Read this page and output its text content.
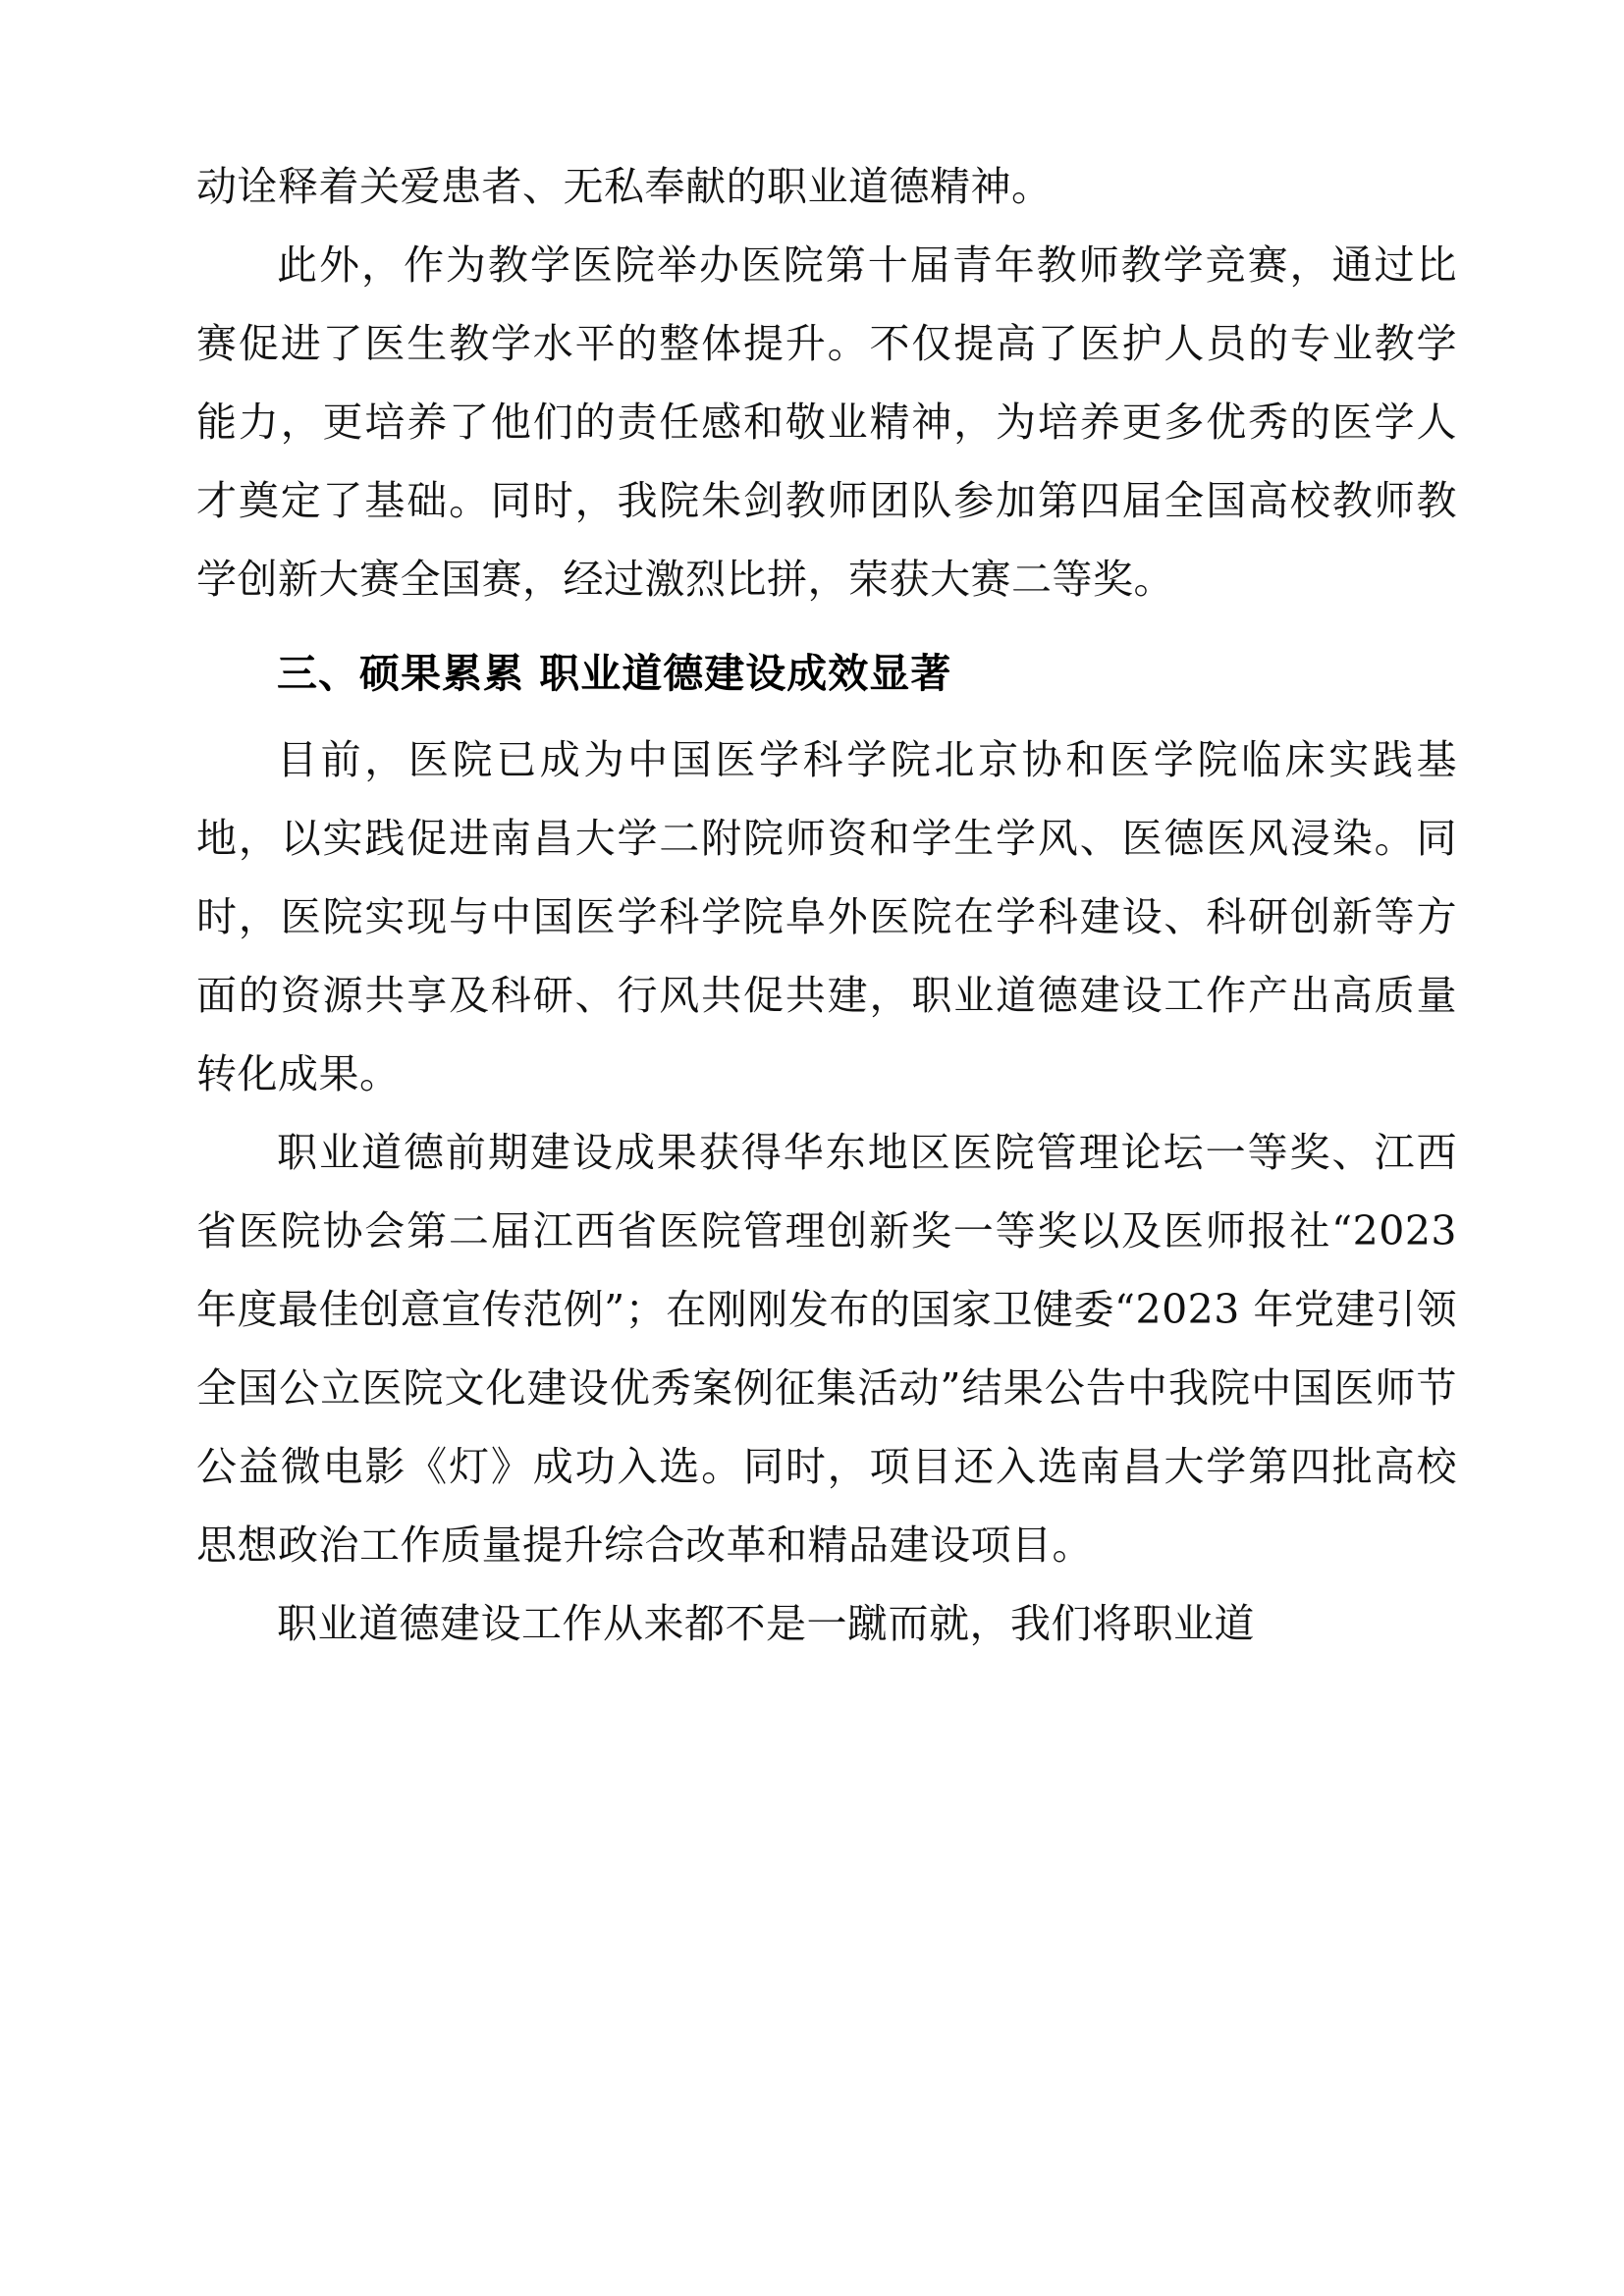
动诠释着关爱患者、无私奉献的职业道德精神。

此外，作为教学医院举办医院第十届青年教师教学竞赛，通过比赛促进了医生教学水平的整体提升。不仅提高了医护人员的专业教学能力，更培养了他们的责任感和敬业精神，为培养更多优秀的医学人才奠定了基础。同时，我院朱剑教师团队参加第四届全国高校教师教学创新大赛全国赛，经过激烈比拼，荣获大赛二等奖。

三、硕果累累 职业道德建设成效显著

目前，医院已成为中国医学科学院北京协和医学院临床实践基地，以实践促进南昌大学二附院师资和学生学风、医德医风浸染。同时，医院实现与中国医学科学院阜外医院在学科建设、科研创新等方面的资源共享及科研、行风共促共建，职业道德建设工作产出高质量转化成果。

职业道德前期建设成果获得华东地区医院管理论坛一等奖、江西省医院协会第二届江西省医院管理创新奖一等奖以及医师报社“2023 年度最佳创意宣传范例”；在刚刚发布的国家卫健委“2023 年党建引领全国公立医院文化建设优秀案例征集活动”结果公告中我院中国医师节公益微电影《灯》成功入选。同时，项目还入选南昌大学第四批高校思想政治工作质量提升综合改革和精品建设项目。

职业道德建设工作从来都不是一蹴而就，我们将职业道
